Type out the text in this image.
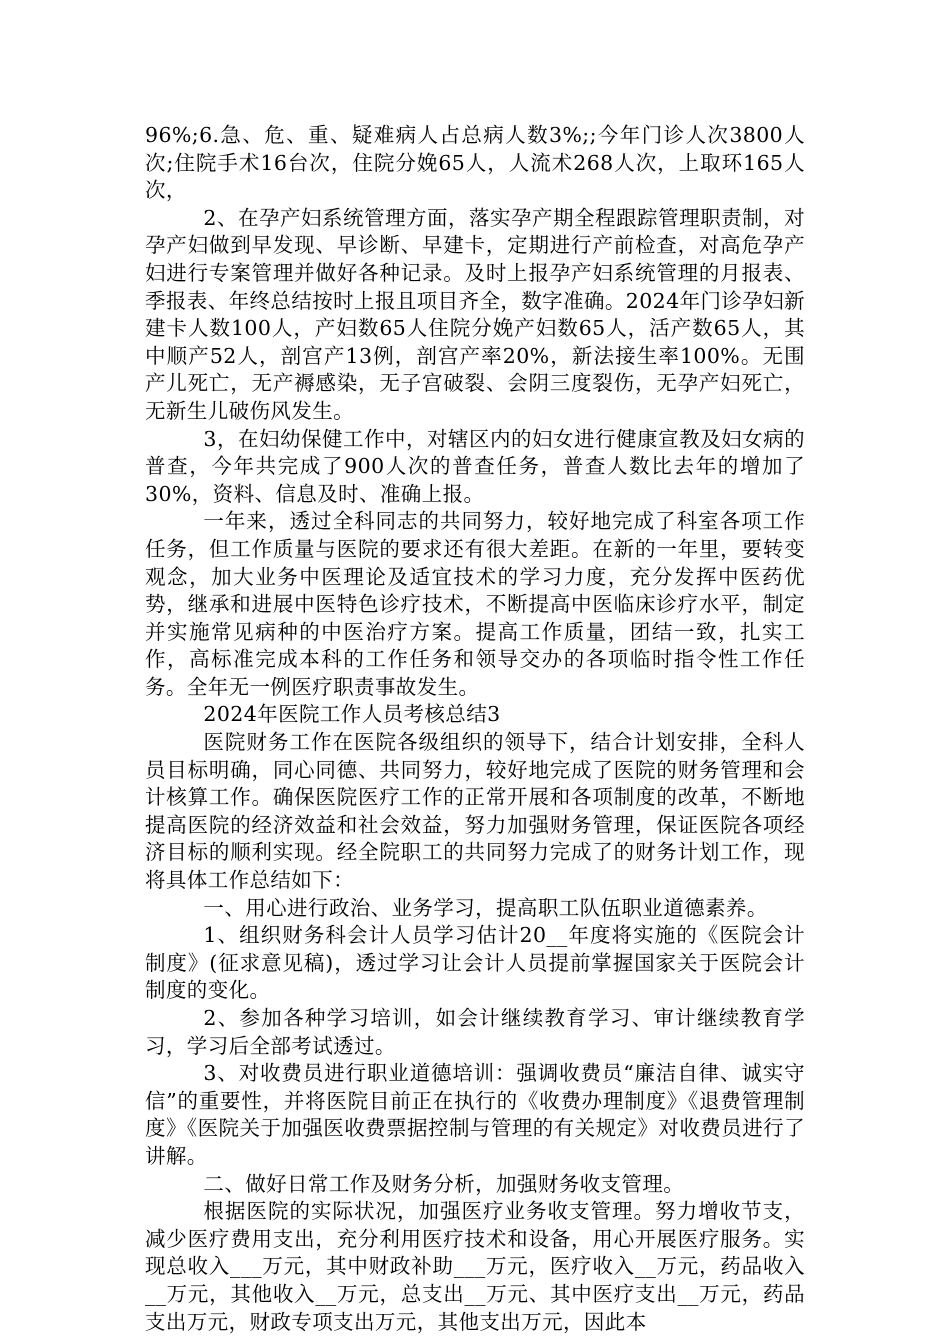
96%;6.急、危、重、疑难病人占总病人数3%;;今年门诊人次3800人次;住院手术16台次，住院分娩65人，人流术268人次，上取环165人次，

2、在孕产妇系统管理方面，落实孕产期全程跟踪管理职责制，对孕产妇做到早发现、早诊断、早建卡，定期进行产前检查，对高危孕产妇进行专案管理并做好各种记录。及时上报孕产妇系统管理的月报表、季报表、年终总结按时上报且项目齐全，数字准确。2024年门诊孕妇新建卡人数100人，产妇数65人住院分娩产妇数65人，活产数65人，其中顺产52人，剖宫产13例，剖宫产率20%，新法接生率100%。无围产儿死亡，无产褥感染，无子宫破裂、会阴三度裂伤，无孕产妇死亡，无新生儿破伤风发生。

3，在妇幼保健工作中，对辖区内的妇女进行健康宣教及妇女病的普查，今年共完成了900人次的普查任务，普查人数比去年的增加了30%，资料、信息及时、准确上报。

一年来，透过全科同志的共同努力，较好地完成了科室各项工作任务，但工作质量与医院的要求还有很大差距。在新的一年里，要转变观念，加大业务中医理论及适宜技术的学习力度，充分发挥中医药优势，继承和进展中医特色诊疗技术，不断提高中医临床诊疗水平，制定并实施常见病种的中医治疗方案。提高工作质量，团结一致，扎实工作，高标准完成本科的工作任务和领导交办的各项临时指令性工作任务。全年无一例医疗职责事故发生。

2024年医院工作人员考核总结3

医院财务工作在医院各级组织的领导下，结合计划安排，全科人员目标明确，同心同德、共同努力，较好地完成了医院的财务管理和会计核算工作。确保医院医疗工作的正常开展和各项制度的改革，不断地提高医院的经济效益和社会效益，努力加强财务管理，保证医院各项经济目标的顺利实现。经全院职工的共同努力完成了的财务计划工作，现将具体工作总结如下：

一、用心进行政治、业务学习，提高职工队伍职业道德素养。

1、组织财务科会计人员学习估计20__年度将实施的《医院会计制度》(征求意见稿)，透过学习让会计人员提前掌握国家关于医院会计制度的变化。

2、参加各种学习培训，如会计继续教育学习、审计继续教育学习，学习后全部考试透过。

3、对收费员进行职业道德培训：强调收费员“廉洁自律、诚实守信”的重要性，并将医院目前正在执行的《收费办理制度》《退费管理制度》《医院关于加强医收费票据控制与管理的有关规定》对收费员进行了讲解。

二、做好日常工作及财务分析，加强财务收支管理。

根据医院的实际状况，加强医疗业务收支管理。努力增收节支，减少医疗费用支出，充分利用医疗技术和设备，用心开展医疗服务。实现总收入___万元，其中财政补助___万元，医疗收入__万元，药品收入__万元，其他收入__万元，总支出__万元、其中医疗支出__万元，药品支出万元，财政专项支出万元，其他支出万元，因此本
